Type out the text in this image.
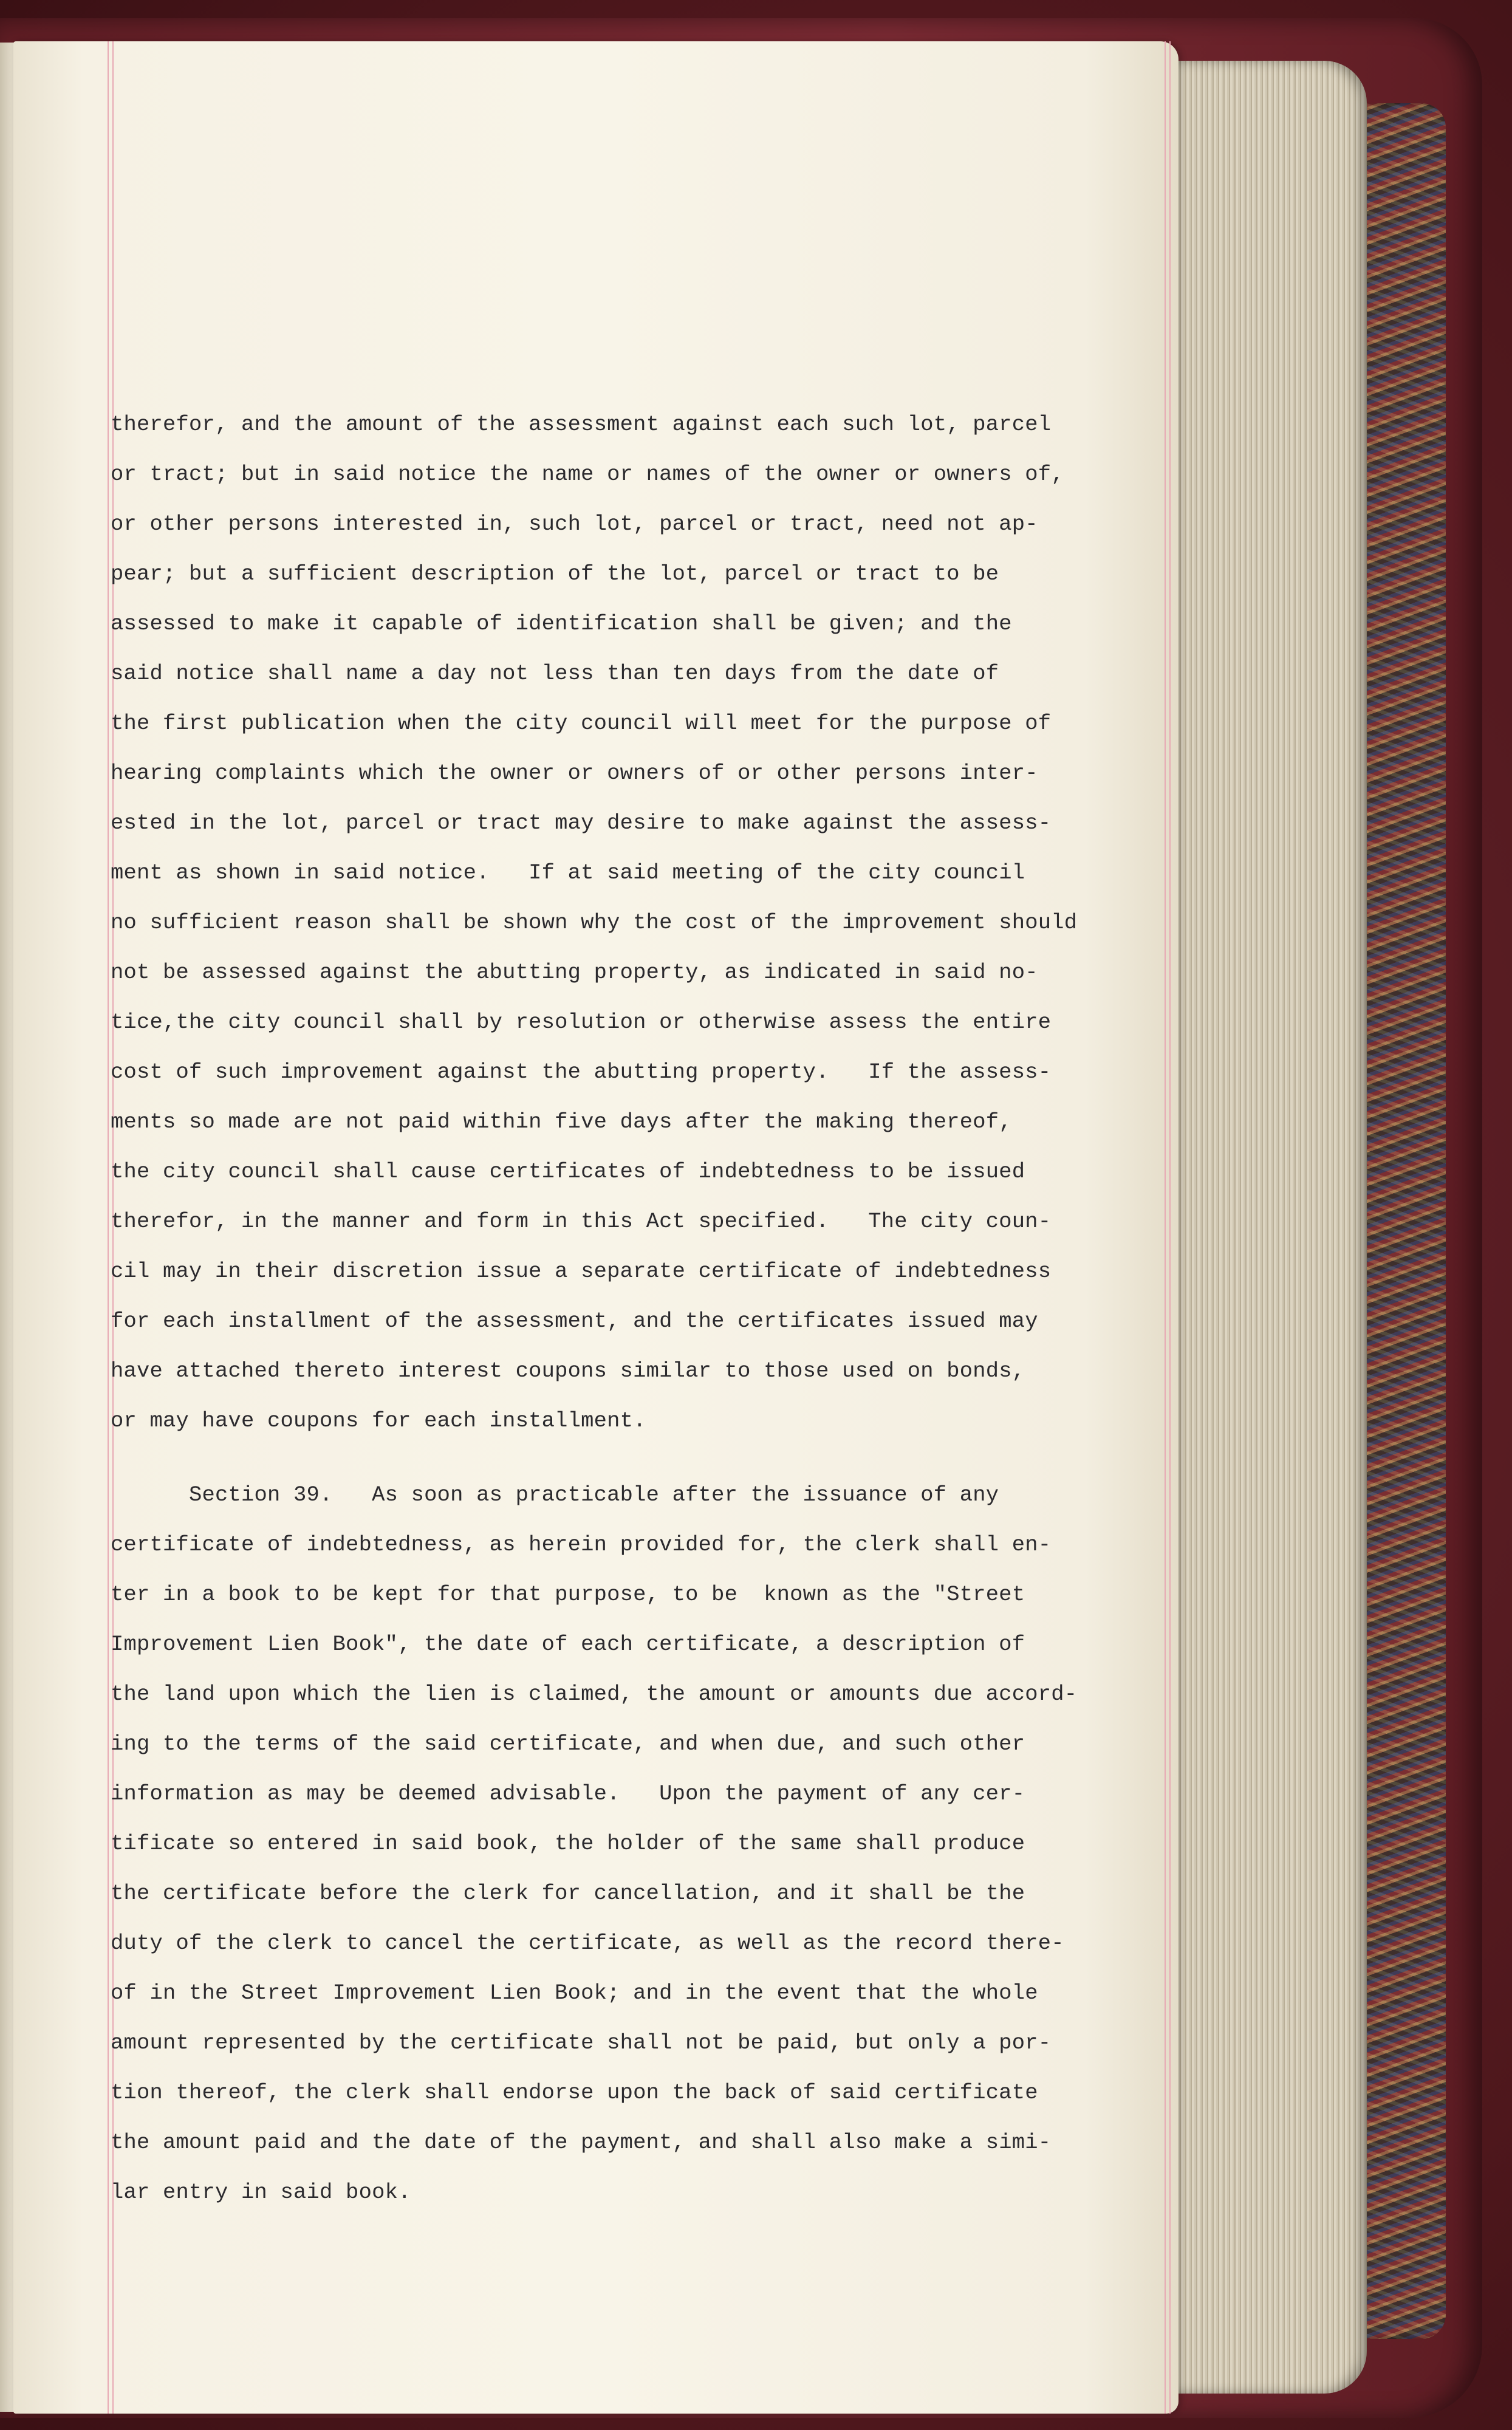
therefor, and the amount of the assessment against each such lot, parcel
or tract; but in said notice the name or names of the owner or owners of,
or other persons interested in, such lot, parcel or tract, need not ap-
pear; but a sufficient description of the lot, parcel or tract to be
assessed to make it capable of identification shall be given; and the
said notice shall name a day not less than ten days from the date of
the first publication when the city council will meet for the purpose of
hearing complaints which the owner or owners of or other persons inter-
ested in the lot, parcel or tract may desire to make against the assess-
ment as shown in said notice.   If at said meeting of the city council
no sufficient reason shall be shown why the cost of the improvement should
not be assessed against the abutting property, as indicated in said no-
tice,the city council shall by resolution or otherwise assess the entire
cost of such improvement against the abutting property.   If the assess-
ments so made are not paid within five days after the making thereof,
the city council shall cause certificates of indebtedness to be issued
therefor, in the manner and form in this Act specified.   The city coun-
cil may in their discretion issue a separate certificate of indebtedness
for each installment of the assessment, and the certificates issued may
have attached thereto interest coupons similar to those used on bonds,
or may have coupons for each installment.
Section 39.   As soon as practicable after the issuance of any
certificate of indebtedness, as herein provided for, the clerk shall en-
ter in a book to be kept for that purpose, to be  known as the "Street
Improvement Lien Book", the date of each certificate, a description of
the land upon which the lien is claimed, the amount or amounts due accord-
ing to the terms of the said certificate, and when due, and such other
information as may be deemed advisable.   Upon the payment of any cer-
tificate so entered in said book, the holder of the same shall produce
the certificate before the clerk for cancellation, and it shall be the
duty of the clerk to cancel the certificate, as well as the record there-
of in the Street Improvement Lien Book; and in the event that the whole
amount represented by the certificate shall not be paid, but only a por-
tion thereof, the clerk shall endorse upon the back of said certificate
the amount paid and the date of the payment, and shall also make a simi-
lar entry in said book.
